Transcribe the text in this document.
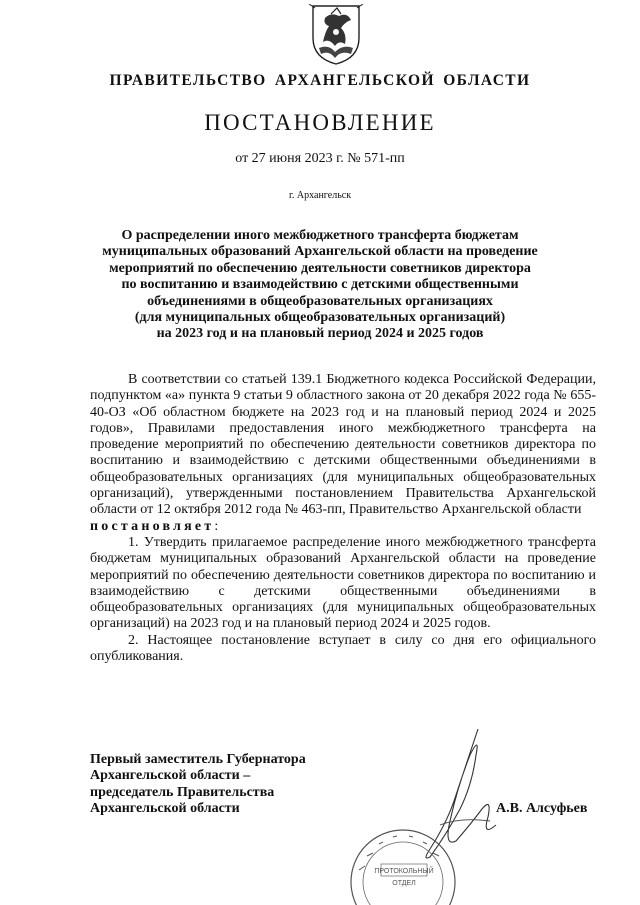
ПРАВИТЕЛЬСТВО АРХАНГЕЛЬСКОЙ ОБЛАСТИ
ПОСТАНОВЛЕНИЕ
от 27 июня 2023 г. № 571-пп
г. Архангельск
О распределении иного межбюджетного трансферта бюджетам
муниципальных образований Архангельской области на проведение
мероприятий по обеспечению деятельности советников директора
по воспитанию и взаимодействию с детскими общественными
объединениями в общеобразовательных организациях
(для муниципальных общеобразовательных организаций)
на 2023 год и на плановый период 2024 и 2025 годов

В соответствии со статьей 139.1 Бюджетного кодекса Российской Федерации, подпунктом «а» пункта 9 статьи 9 областного закона от 20 декабря 2022 года № 655-40-ОЗ «Об областном бюджете на 2023 год и на плановый период 2024 и 2025 годов», Правилами предоставления иного межбюджетного трансферта на проведение мероприятий по обеспечению деятельности советников директора по воспитанию и взаимодействию с детскими общественными объединениями в общеобразовательных организациях (для муниципальных общеобразовательных организаций), утвержденными постановлением Правительства Архангельской области от 12 октября 2012 года № 463-пп, Правительство Архангельской области

постановляет:

1. Утвердить прилагаемое распределение иного межбюджетного трансферта бюджетам муниципальных образований Архангельской области на проведение мероприятий по обеспечению деятельности советников директора по воспитанию и взаимодействию с детскими общественными объединениями в общеобразовательных организациях (для муниципальных общеобразовательных организаций) на 2023 год и на плановый период 2024 и 2025 годов.

2. Настоящее постановление вступает в силу со дня его официального опубликования.

Первый заместитель Губернатора
Архангельской области –
председатель Правительства
Архангельской области	А.В. Алсуфьев
ПРОТОКОЛЬНЫЙ
ОТДЕЛ
